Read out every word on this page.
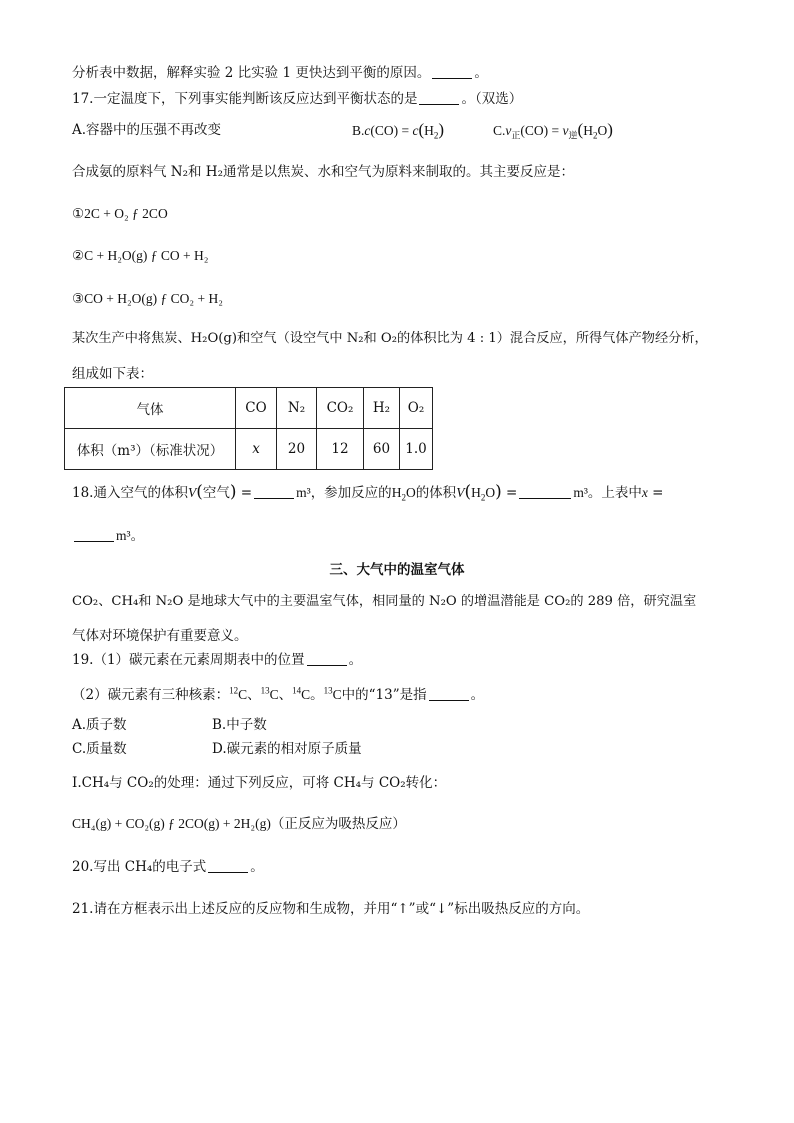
分析表中数据，解释实验 2 比实验 1 更快达到平衡的原因。	。
17.一定温度下，下列事实能判断该反应达到平衡状态的是	。（双选）
A.容器中的压强不再改变	$B.c(CO) = c(H_2)$	$C.v_正(CO) = v_逆(H_2O)$
合成氨的原料气 N₂和 H₂通常是以焦炭、水和空气为原料来制取的。其主要反应是：
①2C + O₂ ƒ 2CO
②C + H₂O(g) ƒ CO + H₂
③CO + H₂O(g) ƒ CO₂ + H₂
某次生产中将焦炭、H₂O(g)和空气（设空气中 N₂和 O₂的体积比为 4 : 1）混合反应，所得气体产物经分析，
组成如下表：
气体	CO	N₂	CO₂	H₂	O₂
体积（m³）（标准状况）	x	20	12	60	1.0
18.通入空气的体积V(空气) =	m³，参加反应的$H_2O$的体积$V(H_2O)$ =	m³。上表中x =
m³。
三、大气中的温室气体
CO₂、CH₄和 N₂O 是地球大气中的主要温室气体，相同量的 N₂O 的增温潜能是 CO₂的 289 倍，研究温室
气体对环境保护有重要意义。
19.（1）碳元素在元素周期表中的位置	。
（2）碳元素有三种核素：$^{12}$C、$^{13}$C、$^{14}$C。$^{13}$C中的“13”是指	。
A.质子数	B.中子数
C.质量数	D.碳元素的相对原子质量
I.CH₄与 CO₂的处理：通过下列反应，可将 CH₄与 CO₂转化：
CH₄(g) + CO₂(g) ƒ 2CO(g) + 2H₂(g)（正反应为吸热反应）
20.写出 CH₄的电子式	。
21.请在方框表示出上述反应的反应物和生成物，并用“↑”或“↓”标出吸热反应的方向。
